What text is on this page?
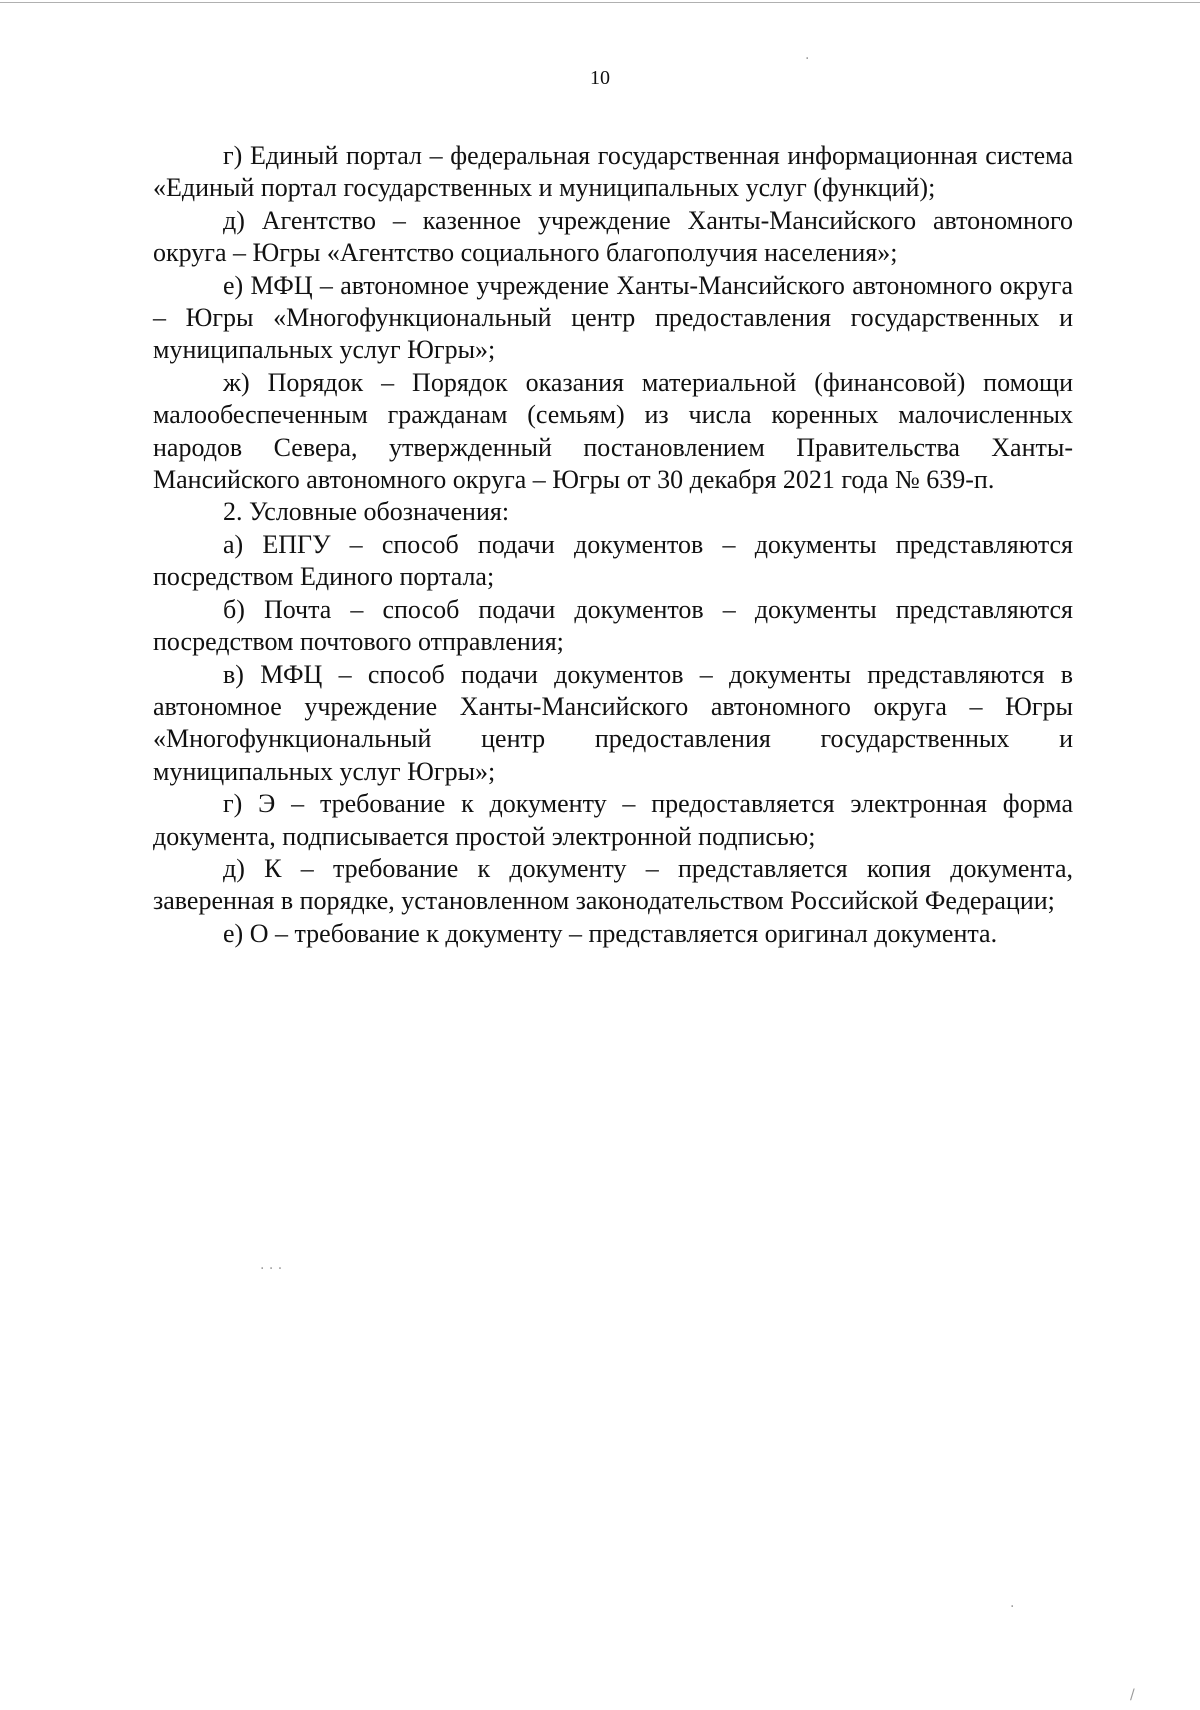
10

г) Единый портал – федеральная государственная информационная система «Единый портал государственных и муниципальных услуг (функций);

д) Агентство – казенное учреждение Ханты-Мансийского автономного округа – Югры «Агентство социального благополучия населения»;

е) МФЦ – автономное учреждение Ханты-Мансийского автономного округа – Югры «Многофункциональный центр предоставления государственных и муниципальных услуг Югры»;

ж) Порядок – Порядок оказания материальной (финансовой) помощи малообеспеченным гражданам (семьям) из числа коренных малочисленных народов Севера, утвержденный постановлением Правительства Ханты-Мансийского автономного округа – Югры от 30 декабря 2021 года № 639-п.

2. Условные обозначения:

а) ЕПГУ – способ подачи документов – документы представляются посредством Единого портала;

б) Почта – способ подачи документов – документы представляются посредством почтового отправления;

в) МФЦ – способ подачи документов – документы представляются в автономное учреждение Ханты-Мансийского автономного округа – Югры «Многофункциональный центр предоставления государственных и муниципальных услуг Югры»;

г) Э – требование к документу – предоставляется электронная форма документа, подписывается простой электронной подписью;

д) К – требование к документу – представляется копия документа, заверенная в порядке, установленном законодательством Российской Федерации;

е) О – требование к документу – представляется оригинал документа.

·
· · ·
·
/
